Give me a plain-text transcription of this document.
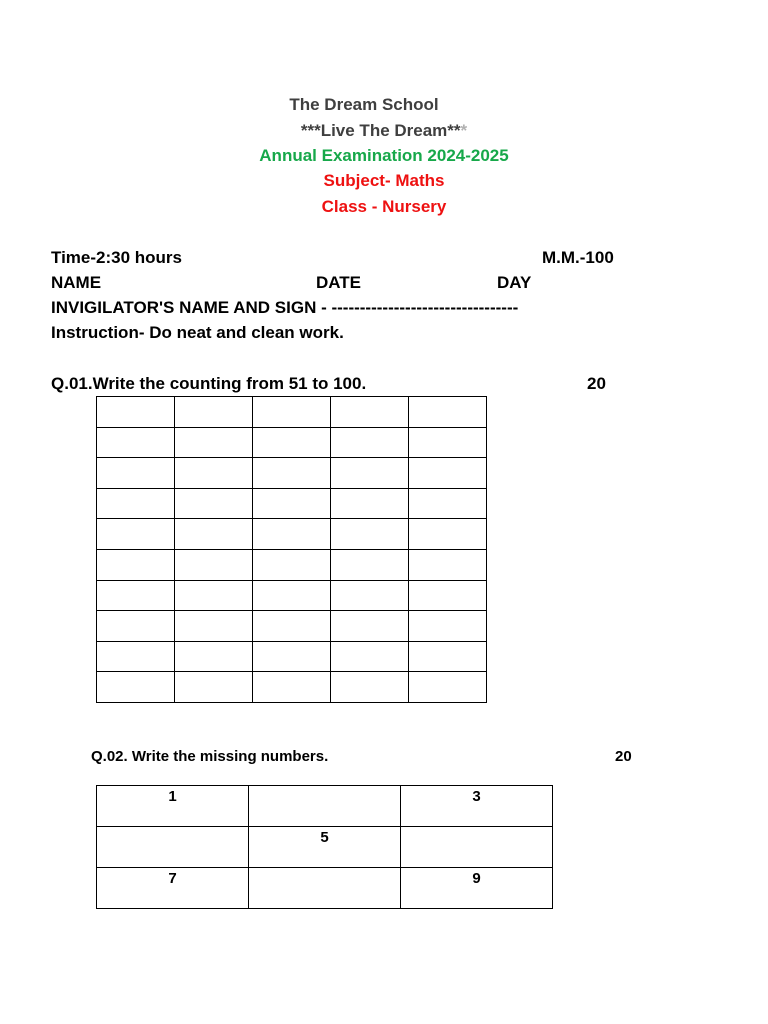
The Dream School
***Live The Dream***
Annual Examination 2024-2025
Subject- Maths
Class - Nursery
Time-2:30 hours	M.M.-100
NAME	DATE	DAY
INVIGILATOR'S NAME AND SIGN - ---------------------------------
Instruction- Do neat and clean work.
Q.01.Write the counting from 51 to 100.	20

Q.02. Write the missing numbers.	20
1		3
	5	
7		9
